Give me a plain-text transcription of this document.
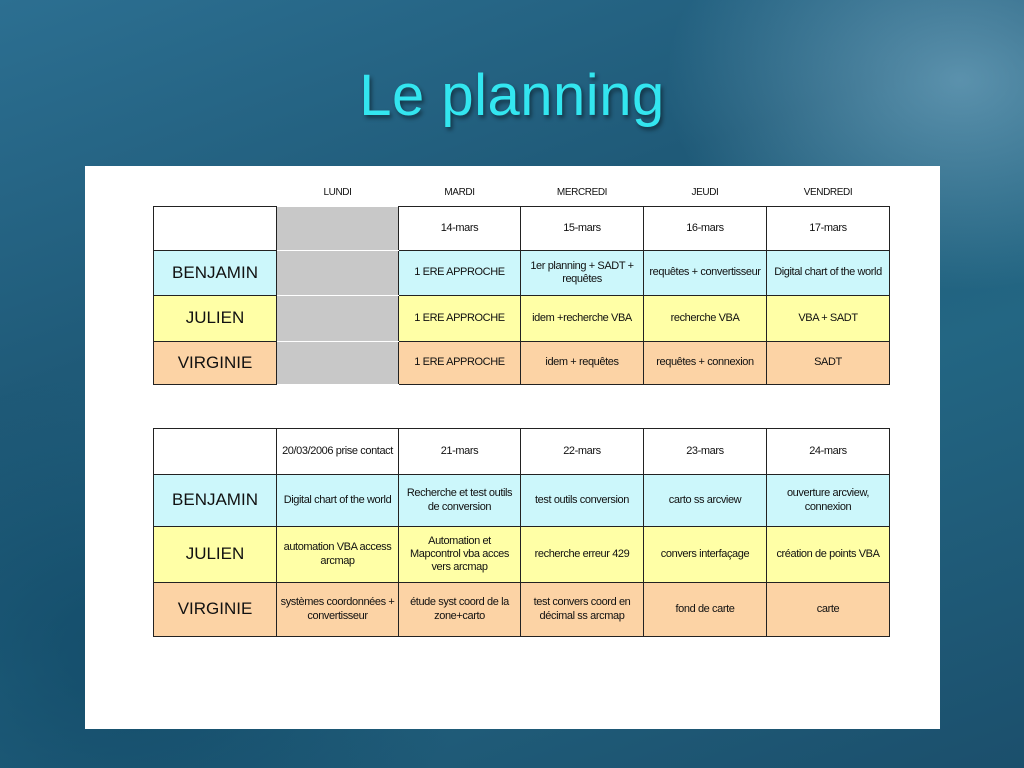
Le planning
	LUNDI	MARDI	MERCREDI	JEUDI	VENDREDI
		14-mars	15-mars	16-mars	17-mars
BENJAMIN		1 ERE APPROCHE	1er planning + SADT + requêtes	requêtes + convertisseur	Digital chart of the world
JULIEN		1 ERE APPROCHE	idem +recherche VBA	recherche VBA	VBA + SADT
VIRGINIE		1 ERE APPROCHE	idem + requêtes	requêtes + connexion	SADT
	20/03/2006 prise contact	21-mars	22-mars	23-mars	24-mars
BENJAMIN	Digital chart of the world	Recherche et test outils de conversion	test outils conversion	carto ss arcview	ouverture arcview, connexion
JULIEN	automation VBA access arcmap	Automation et Mapcontrol vba acces vers arcmap	recherche erreur 429	convers interfaçage	création de points VBA
VIRGINIE	systèmes coordonnées + convertisseur	étude syst coord de la zone+carto	test convers coord en décimal ss arcmap	fond de carte	carte
